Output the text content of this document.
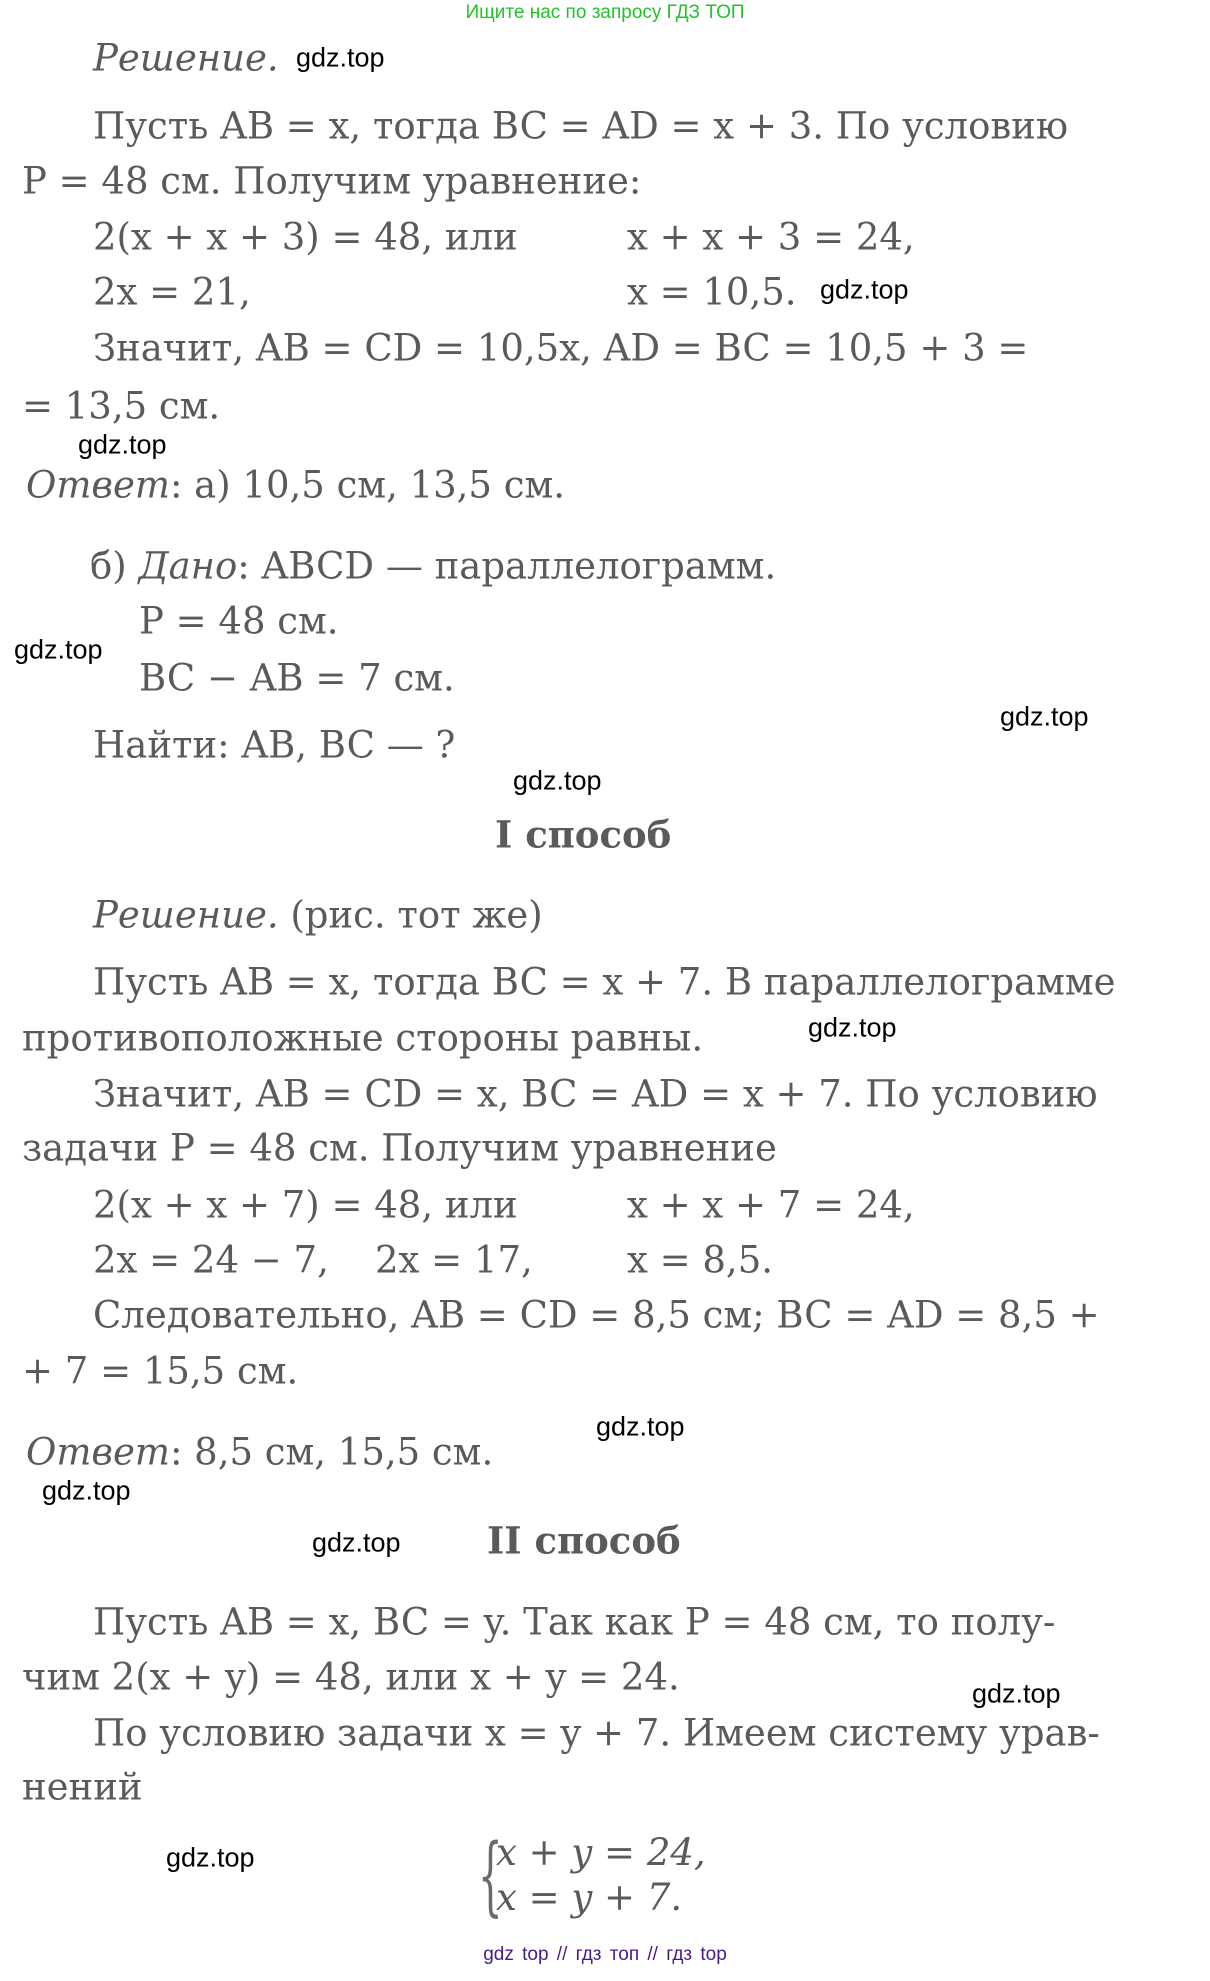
Ищите нас по запросу ГДЗ ТОП
Решение. gdz.top
Пусть AB = x, тогда BC = AD = x + 3. По условию
P = 48 см. Получим уравнение:
2(x + x + 3) = 48, или	x + x + 3 = 24,
2x = 21,	x = 10,5. gdz.top
Значит, AB = CD = 10,5x, AD = BC = 10,5 + 3 =
= 13,5 см.
gdz.top
Ответ: а) 10,5 см, 13,5 см.
б) Дано: ABCD — параллелограмм.
P = 48 см.
gdz.top
BC − AB = 7 см.
gdz.top
Найти: AB, BC — ?
gdz.top
I способ
Решение. (рис. тот же)
Пусть AB = x, тогда BC = x + 7. В параллелограмме
противоположные стороны равны.	gdz.top
Значит, AB = CD = x, BC = AD = x + 7. По условию
задачи P = 48 см. Получим уравнение
2(x + x + 7) = 48, или	x + x + 7 = 24,
2x = 24 − 7, 2x = 17,	x = 8,5.
Следовательно, AB = CD = 8,5 см; BC = AD = 8,5 +
+ 7 = 15,5 см.
gdz.top
Ответ: 8,5 см, 15,5 см.
gdz.top
gdz.top II способ
Пусть AB = x, BC = y. Так как P = 48 см, то полу-
чим 2(x + y) = 48, или x + y = 24.	gdz.top
По условию задачи x = y + 7. Имеем систему урав-
нений
gdz.top	{
x + y = 24,
x = y + 7.
gdz top // гдз топ // гдз top
